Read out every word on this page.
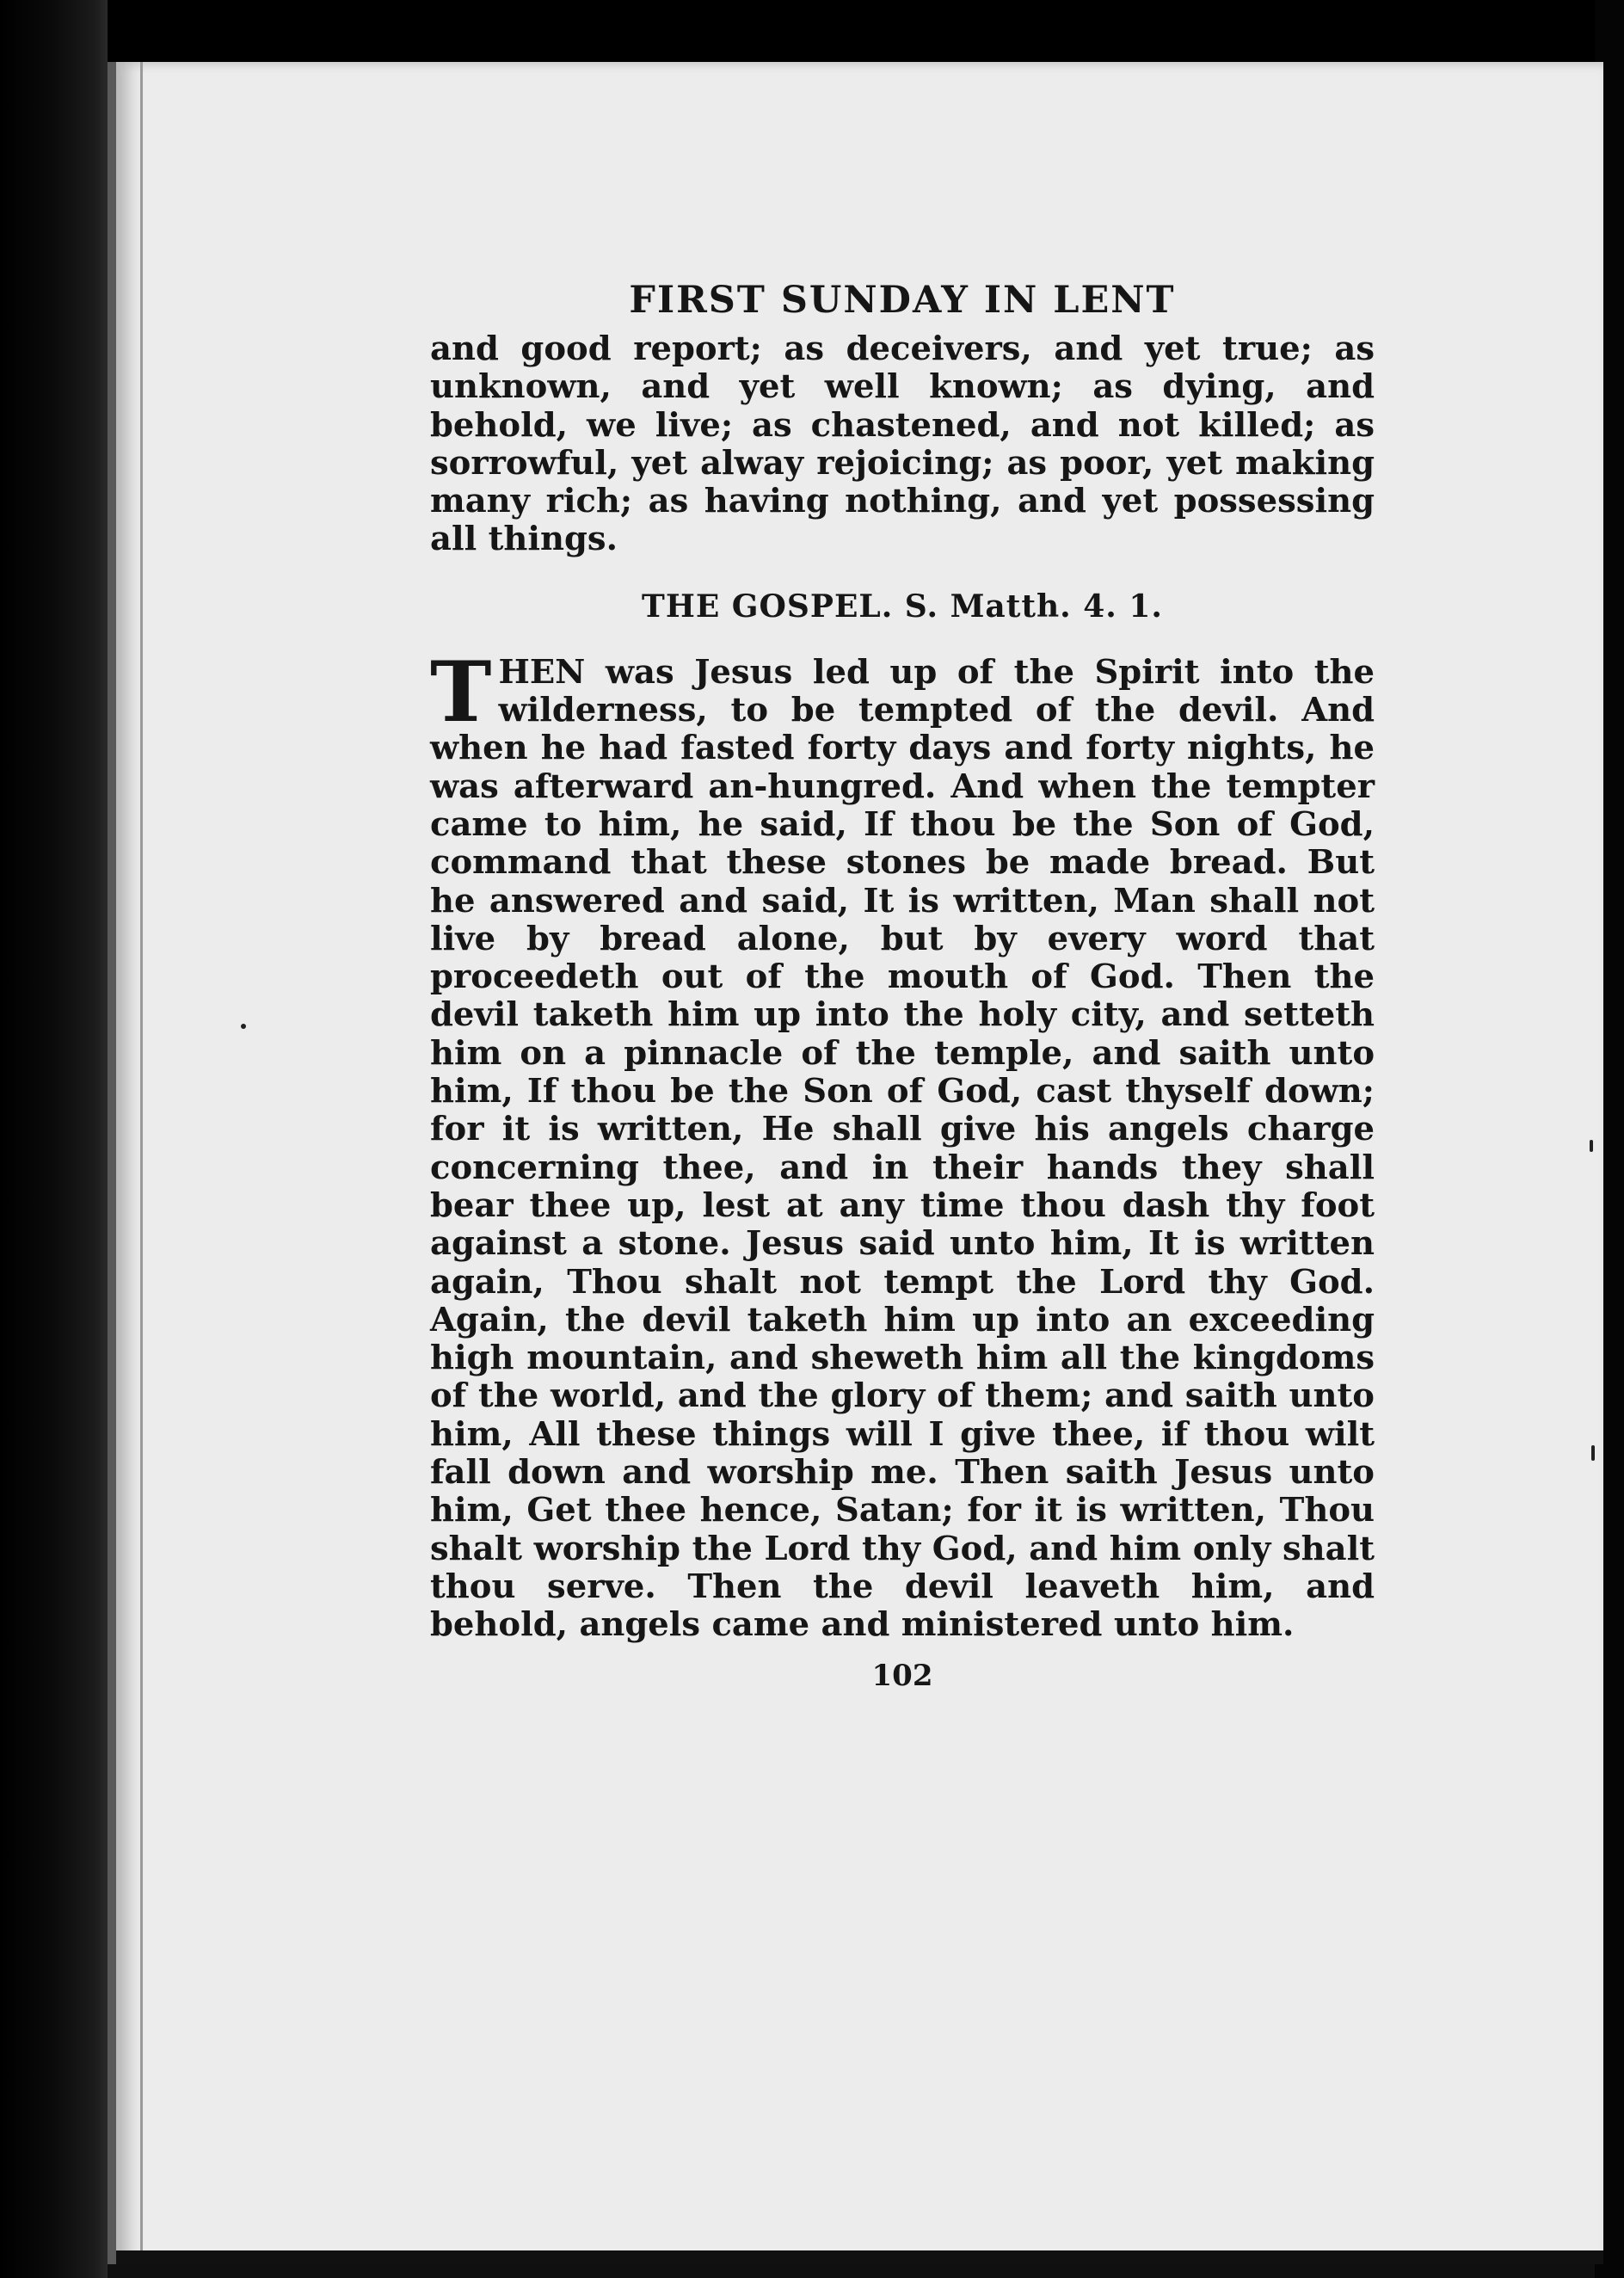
FIRST SUNDAY IN LENT

and good report; as deceivers, and yet true; as unknown, and yet well known; as dying, and behold, we live; as chastened, and not killed; as sorrowful, yet alway rejoicing; as poor, yet making many rich; as having nothing, and yet possessing all things.

THE GOSPEL. S. Matth. 4. 1.

THEN was Jesus led up of the Spirit into the wilderness, to be tempted of the devil. And when he had fasted forty days and forty nights, he was afterward an-hungred. And when the tempter came to him, he said, If thou be the Son of God, command that these stones be made bread. But he answered and said, It is written, Man shall not live by bread alone, but by every word that proceedeth out of the mouth of God. Then the devil taketh him up into the holy city, and setteth him on a pinnacle of the temple, and saith unto him, If thou be the Son of God, cast thyself down; for it is written, He shall give his angels charge concerning thee, and in their hands they shall bear thee up, lest at any time thou dash thy foot against a stone. Jesus said unto him, It is written again, Thou shalt not tempt the Lord thy God. Again, the devil taketh him up into an exceeding high mountain, and sheweth him all the kingdoms of the world, and the glory of them; and saith unto him, All these things will I give thee, if thou wilt fall down and worship me. Then saith Jesus unto him, Get thee hence, Satan; for it is written, Thou shalt worship the Lord thy God, and him only shalt thou serve. Then the devil leaveth him, and behold, angels came and ministered unto him.

102
